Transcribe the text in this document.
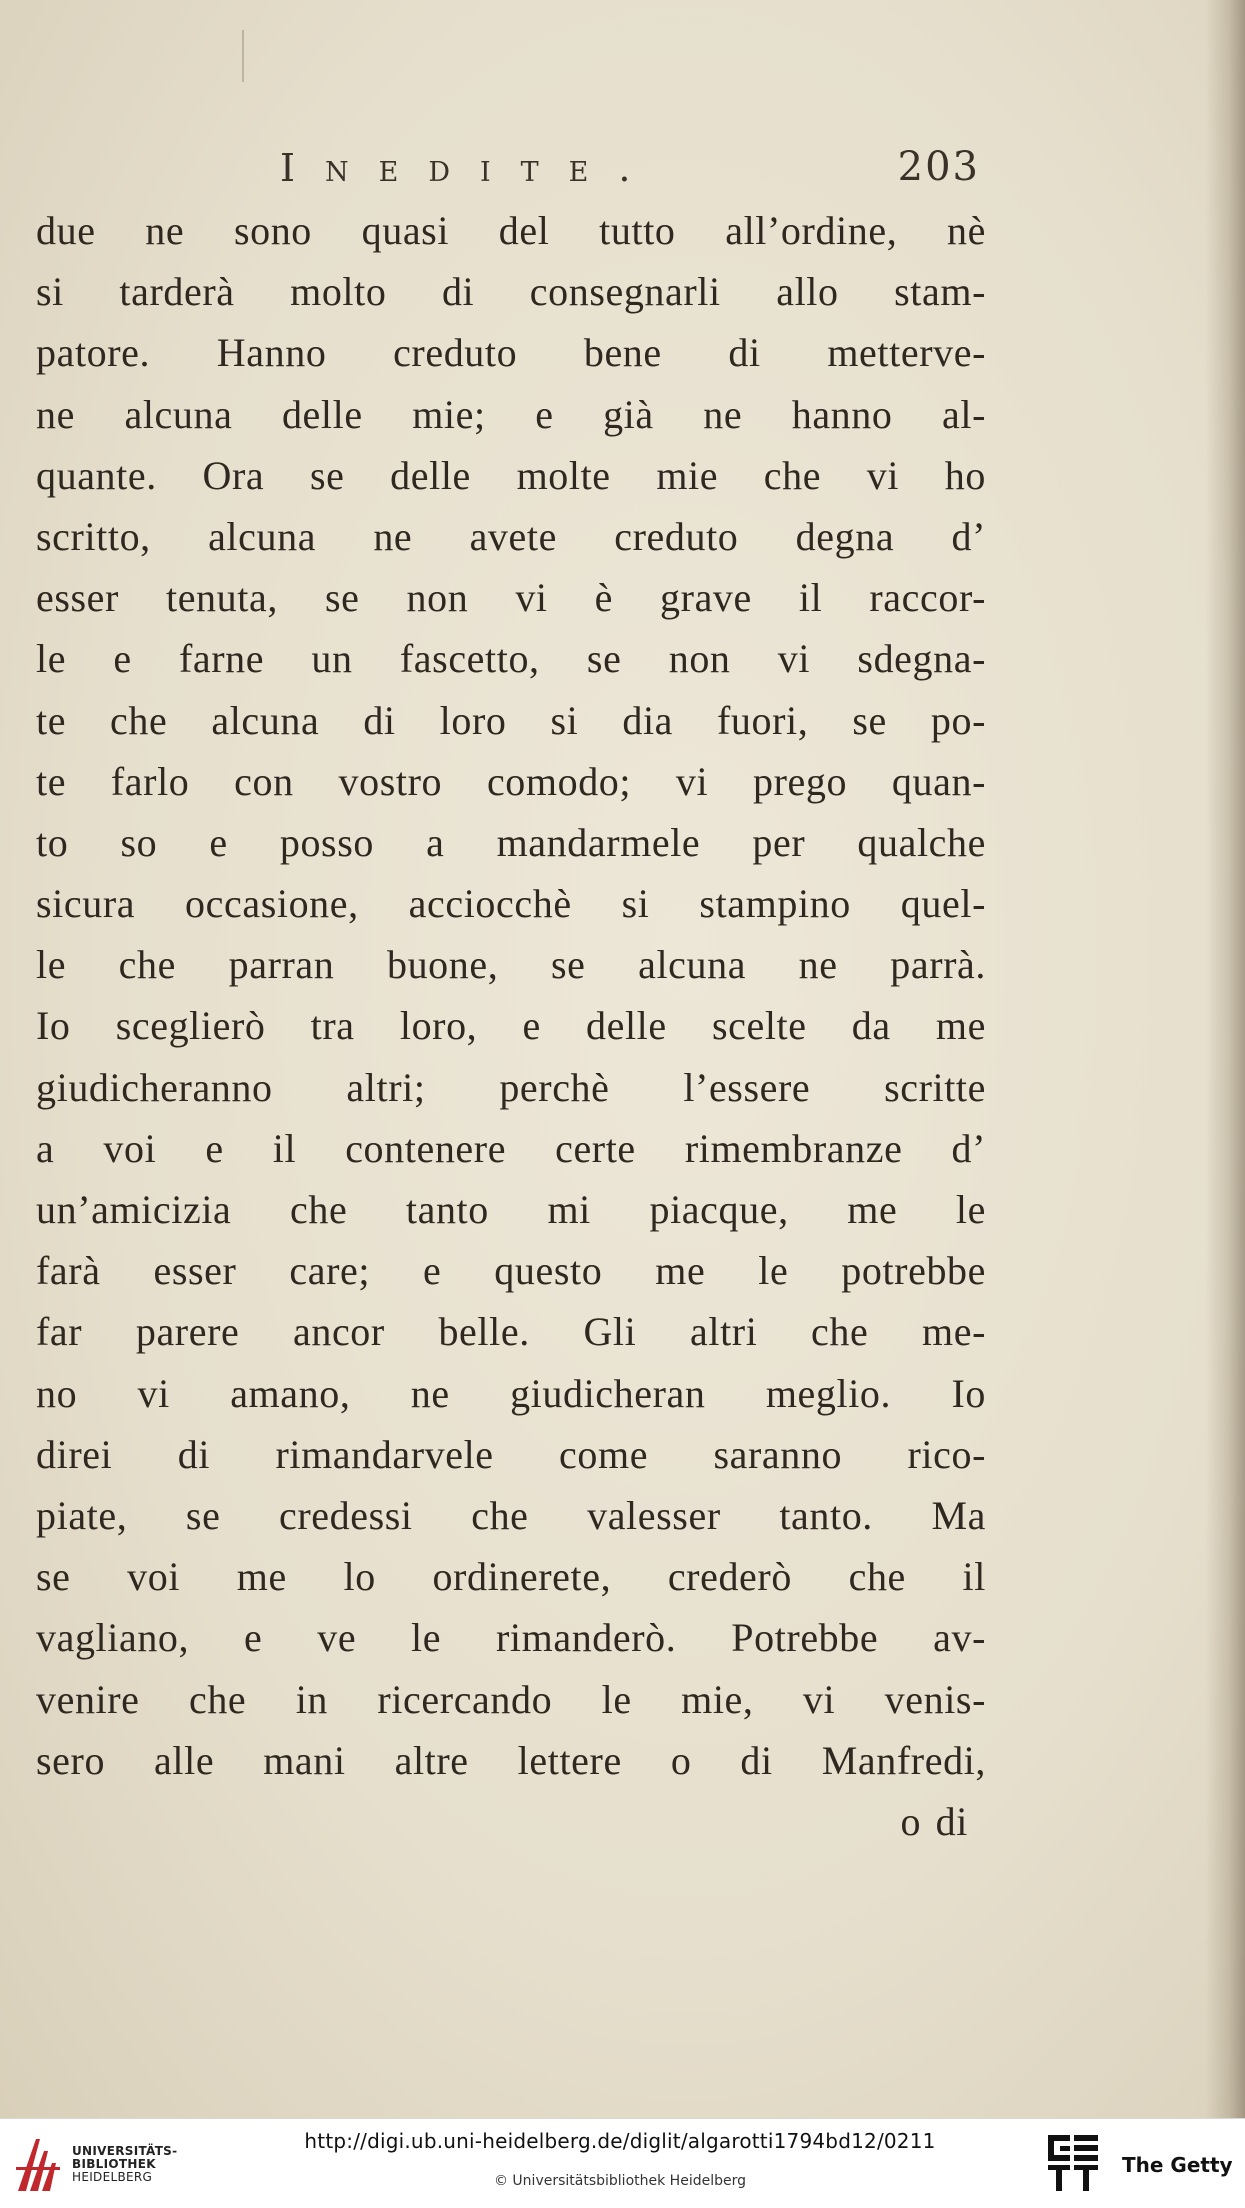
Inedite.	203
due ne sono quasi del tutto all’ordine, nè
si tarderà molto di consegnarli allo stam-
patore. Hanno creduto bene di metterve-
ne alcuna delle mie; e già ne hanno al-
quante. Ora se delle molte mie che vi ho
scritto, alcuna ne avete creduto degna d’
esser tenuta, se non vi è grave il raccor-
le e farne un fascetto, se non vi sdegna-
te che alcuna di loro si dia fuori, se po-
te farlo con vostro comodo; vi prego quan-
to so e posso a mandarmele per qualche
sicura occasione, acciocchè si stampino quel-
le che parran buone, se alcuna ne parrà.
Io sceglierò tra loro, e delle scelte da me
giudicheranno altri; perchè l’essere scritte
a voi e il contenere certe rimembranze d’
un’amicizia che tanto mi piacque, me le
farà esser care; e questo me le potrebbe
far parere ancor belle. Gli altri che me-
no vi amano, ne giudicheran meglio. Io
direi di rimandarvele come saranno rico-
piate, se credessi che valesser tanto. Ma
se voi me lo ordinerete, crederò che il
vagliano, e ve le rimanderò. Potrebbe av-
venire che in ricercando le mie, vi venis-
sero alle mani altre lettere o di Manfredi,
o di
UNIVERSITÄTS-
BIBLIOTHEK
HEIDELBERG
http://digi.ub.uni-heidelberg.de/diglit/algarotti1794bd12/0211
© Universitätsbibliothek Heidelberg
The Getty
